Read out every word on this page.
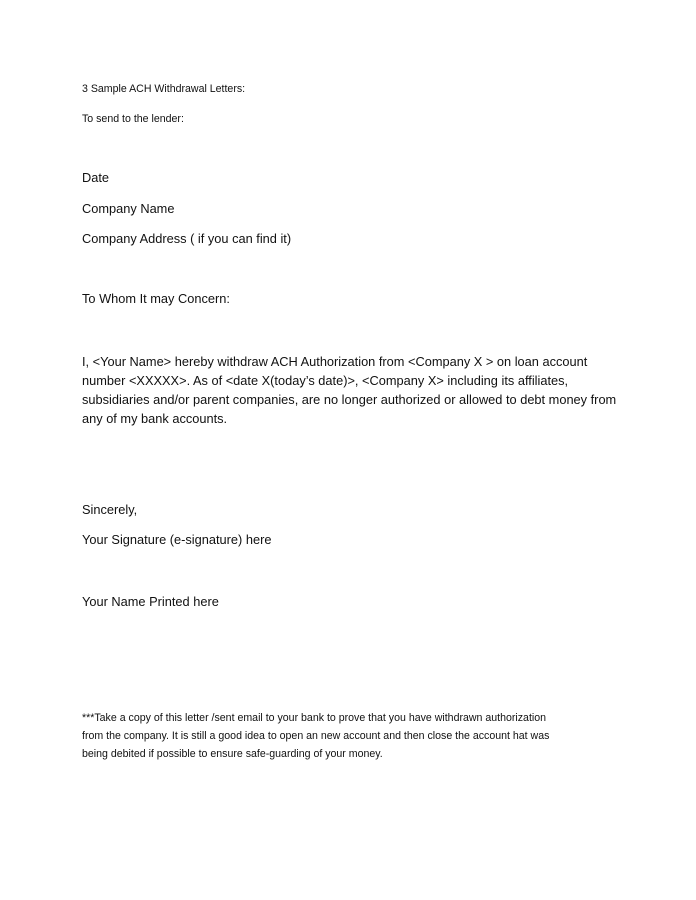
3 Sample ACH Withdrawal Letters:
To send to the lender:
Date
Company Name
Company Address ( if you can find it)
To Whom It may Concern:
I, <Your Name> hereby withdraw ACH Authorization from <Company X > on loan account
number <XXXXX>. As of <date X(today’s date)>, <Company X> including its affiliates,
subsidiaries and/or parent companies, are no longer authorized or allowed to debt money from
any of my bank accounts.
Sincerely,
Your Signature (e-signature) here
Your Name Printed here
***Take a copy of this letter /sent email to your bank to prove that you have withdrawn authorization
from the company. It is still a good idea to open an new account and then close the account hat was
being debited if possible to ensure safe-guarding of your money.
